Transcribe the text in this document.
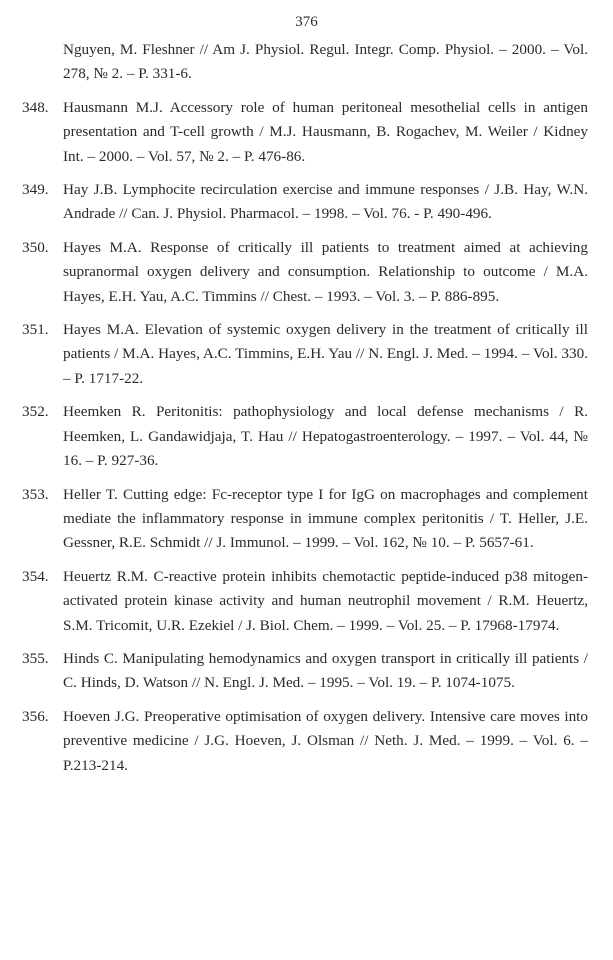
376
Nguyen, M. Fleshner // Am J. Physiol. Regul. Integr. Comp. Physiol. – 2000. – Vol. 278, № 2. – P. 331-6.
348. Hausmann M.J. Accessory role of human peritoneal mesothelial cells in antigen presentation and T-cell growth / M.J. Hausmann, B. Rogachev, M. Weiler / Kidney Int. – 2000. – Vol. 57, № 2. – P. 476-86.
349. Hay J.B. Lymphocite recirculation exercise and immune responses / J.B. Hay, W.N. Andrade // Can. J. Physiol. Pharmacol. – 1998. – Vol. 76. - P. 490-496.
350. Hayes M.A. Response of critically ill patients to treatment aimed at achieving supranormal oxygen delivery and consumption. Relationship to outcome / M.A. Hayes, E.H. Yau, A.C. Timmins // Chest. – 1993. – Vol. 3. – P. 886-895.
351. Hayes M.A. Elevation of systemic oxygen delivery in the treatment of critically ill patients / M.A. Hayes, A.C. Timmins, E.H. Yau // N. Engl. J. Med. – 1994. – Vol. 330. – P. 1717-22.
352. Heemken R. Peritonitis: pathophysiology and local defense mechanisms / R. Heemken, L. Gandawidjaja, T. Hau // Hepatogastroenterology. – 1997. – Vol. 44, № 16. – P. 927-36.
353. Heller T. Cutting edge: Fc-receptor type I for IgG on macrophages and complement mediate the inflammatory response in immune complex peritonitis / T. Heller, J.E. Gessner, R.E. Schmidt // J. Immunol. – 1999. – Vol. 162, № 10. – P. 5657-61.
354. Heuertz R.M. C-reactive protein inhibits chemotactic peptide-induced p38 mitogen-activated protein kinase activity and human neutrophil movement / R.M. Heuertz, S.M. Tricomit, U.R. Ezekiel / J. Biol. Chem. – 1999. – Vol. 25. – P. 17968-17974.
355. Hinds C. Manipulating hemodynamics and oxygen transport in critically ill patients / C. Hinds, D. Watson // N. Engl. J. Med. – 1995. – Vol. 19. – P. 1074-1075.
356. Hoeven J.G. Preoperative optimisation of oxygen delivery. Intensive care moves into preventive medicine / J.G. Hoeven, J. Olsman // Neth. J. Med. – 1999. – Vol. 6. – P.213-214.
